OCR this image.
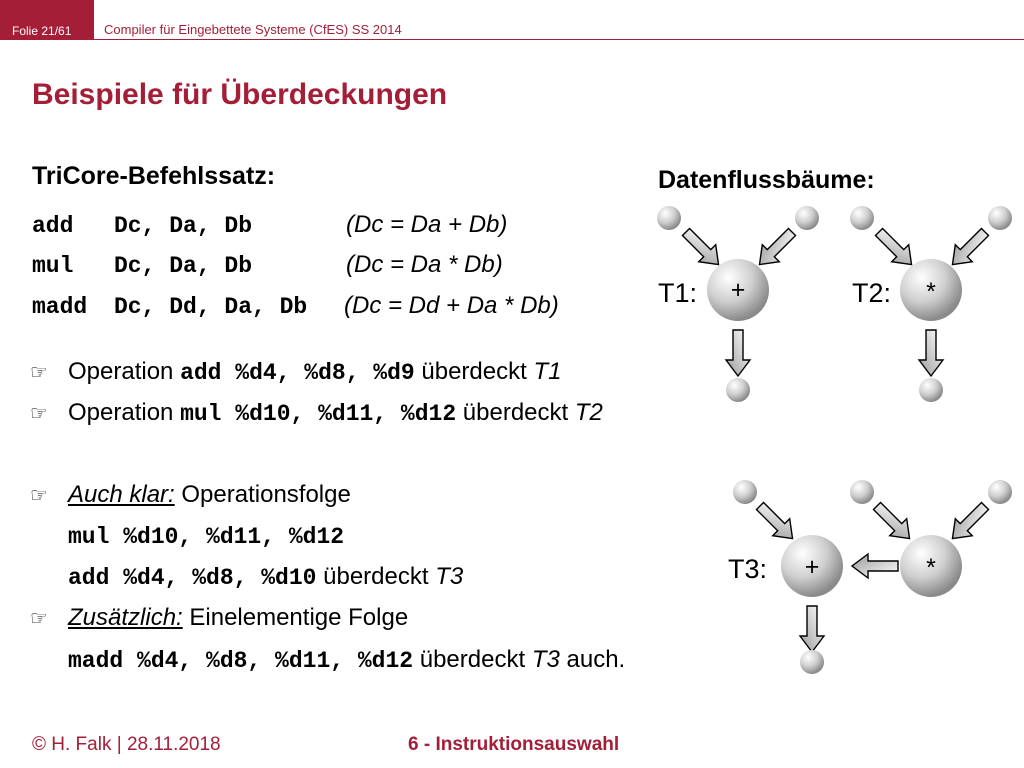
Folie 21/61	Compiler für Eingebettete Systeme (CfES) SS 2014
Beispiele für Überdeckungen
TriCore-Befehlssatz:
add Dc, Da, Db	(Dc = Da + Db)
mul Dc, Da, Db	(Dc = Da * Db)
madd Dc, Dd, Da, Db (Dc = Dd + Da * Db)
☞ Operation add %d4, %d8, %d9 überdeckt T1
☞ Operation mul %d10, %d11, %d12 überdeckt T2
☞ Auch klar: Operationsfolge
mul %d10, %d11, %d12
add %d4, %d8, %d10 überdeckt T3
☞ Zusätzlich: Einelementige Folge
madd %d4, %d8, %d11, %d12 überdeckt T3 auch.
Datenflussbäume:
+
T1:	*
T2:
+	*
T3:
© H. Falk | 28.11.2018	6 - Instruktionsauswahl
